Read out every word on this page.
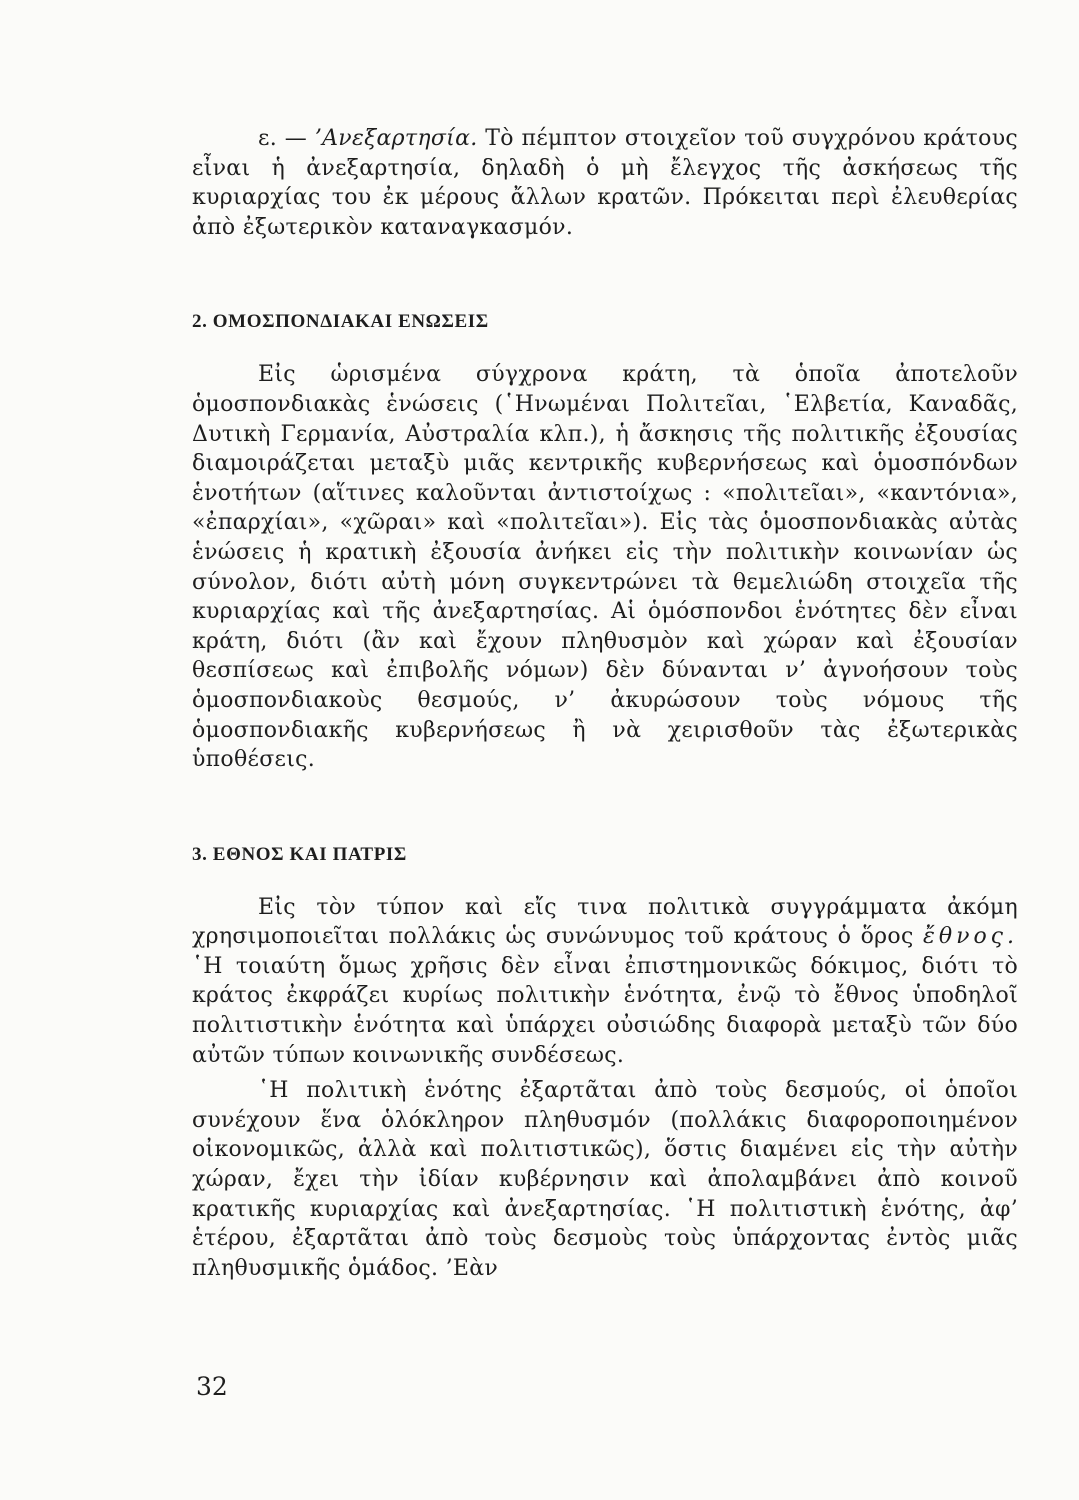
ε. — ’Ανεξαρτησία. Τὸ πέμπτον στοιχεῖον τοῦ συγχρόνου κράτους εἶναι ἡ ἀνεξαρτησία, δηλαδὴ ὁ μὴ ἔλεγχος τῆς ἀσκήσεως τῆς κυριαρχίας του ἐκ μέρους ἄλλων κρατῶν. Πρόκειται περὶ ἐλευθερίας ἀπὸ ἐξωτερικὸν καταναγκασμόν.

2. ΟΜΟΣΠΟΝΔΙΑΚΑΙ ΕΝΩΣΕΙΣ

Εἰς ὡρισμένα σύγχρονα κράτη, τὰ ὁποῖα ἀποτελοῦν ὁμοσπονδιακὰς ἑνώσεις (῾Ηνωμέναι Πολιτεῖαι, ῾Ελβετία, Καναδᾶς, Δυτικὴ Γερμανία, Αὐστραλία κλπ.), ἡ ἄσκησις τῆς πολιτικῆς ἐξουσίας διαμοιράζεται μεταξὺ μιᾶς κεντρικῆς κυβερνήσεως καὶ ὁμοσπόνδων ἑνοτήτων (αἵτινες καλοῦνται ἀντιστοίχως : «πολιτεῖαι», «καντόνια», «ἐπαρχίαι», «χῶραι» καὶ «πολιτεῖαι»). Εἰς τὰς ὁμοσπονδιακὰς αὐτὰς ἑνώσεις ἡ κρατικὴ ἐξουσία ἀνήκει εἰς τὴν πολιτικὴν κοινωνίαν ὡς σύνολον, διότι αὐτὴ μόνη συγκεντρώνει τὰ θεμελιώδη στοιχεῖα τῆς κυριαρχίας καὶ τῆς ἀνεξαρτησίας. Αἱ ὁμόσπονδοι ἑνότητες δὲν εἶναι κράτη, διότι (ἂν καὶ ἔχουν πληθυσμὸν καὶ χώραν καὶ ἐξουσίαν θεσπίσεως καὶ ἐπιβολῆς νόμων) δὲν δύνανται ν’ ἀγνοήσουν τοὺς ὁμοσπονδιακοὺς θεσμούς, ν’ ἀκυρώσουν τοὺς νόμους τῆς ὁμοσπονδιακῆς κυβερνήσεως ἢ νὰ χειρισθοῦν τὰς ἐξωτερικὰς ὑποθέσεις.

3. ΕΘΝΟΣ ΚΑΙ ΠΑΤΡΙΣ

Εἰς τὸν τύπον καὶ εἴς τινα πολιτικὰ συγγράμματα ἀκόμη χρησιμοποιεῖται πολλάκις ὡς συνώνυμος τοῦ κράτους ὁ ὅρος ἔθνος. ῾Η τοιαύτη ὅμως χρῆσις δὲν εἶναι ἐπιστημονικῶς δόκιμος, διότι τὸ κράτος ἐκφράζει κυρίως πολιτικὴν ἑνότητα, ἐνῷ τὸ ἔθνος ὑποδηλοῖ πολιτιστικὴν ἑνότητα καὶ ὑπάρχει οὐσιώδης διαφορὰ μεταξὺ τῶν δύο αὐτῶν τύπων κοινωνικῆς συνδέσεως.

῾Η πολιτικὴ ἑνότης ἐξαρτᾶται ἀπὸ τοὺς δεσμούς, οἱ ὁποῖοι συνέχουν ἕνα ὁλόκληρον πληθυσμόν (πολλάκις διαφοροποιημένον οἰκονομικῶς, ἀλλὰ καὶ πολιτιστικῶς), ὅστις διαμένει εἰς τὴν αὐτὴν χώραν, ἔχει τὴν ἰδίαν κυβέρνησιν καὶ ἀπολαμβάνει ἀπὸ κοινοῦ κρατικῆς κυριαρχίας καὶ ἀνεξαρτησίας. ῾Η πολιτιστικὴ ἑνότης, ἀφ’ ἑτέρου, ἐξαρτᾶται ἀπὸ τοὺς δεσμοὺς τοὺς ὑπάρχοντας ἐντὸς μιᾶς πληθυσμικῆς ὁμάδος. ’Εὰν

32
